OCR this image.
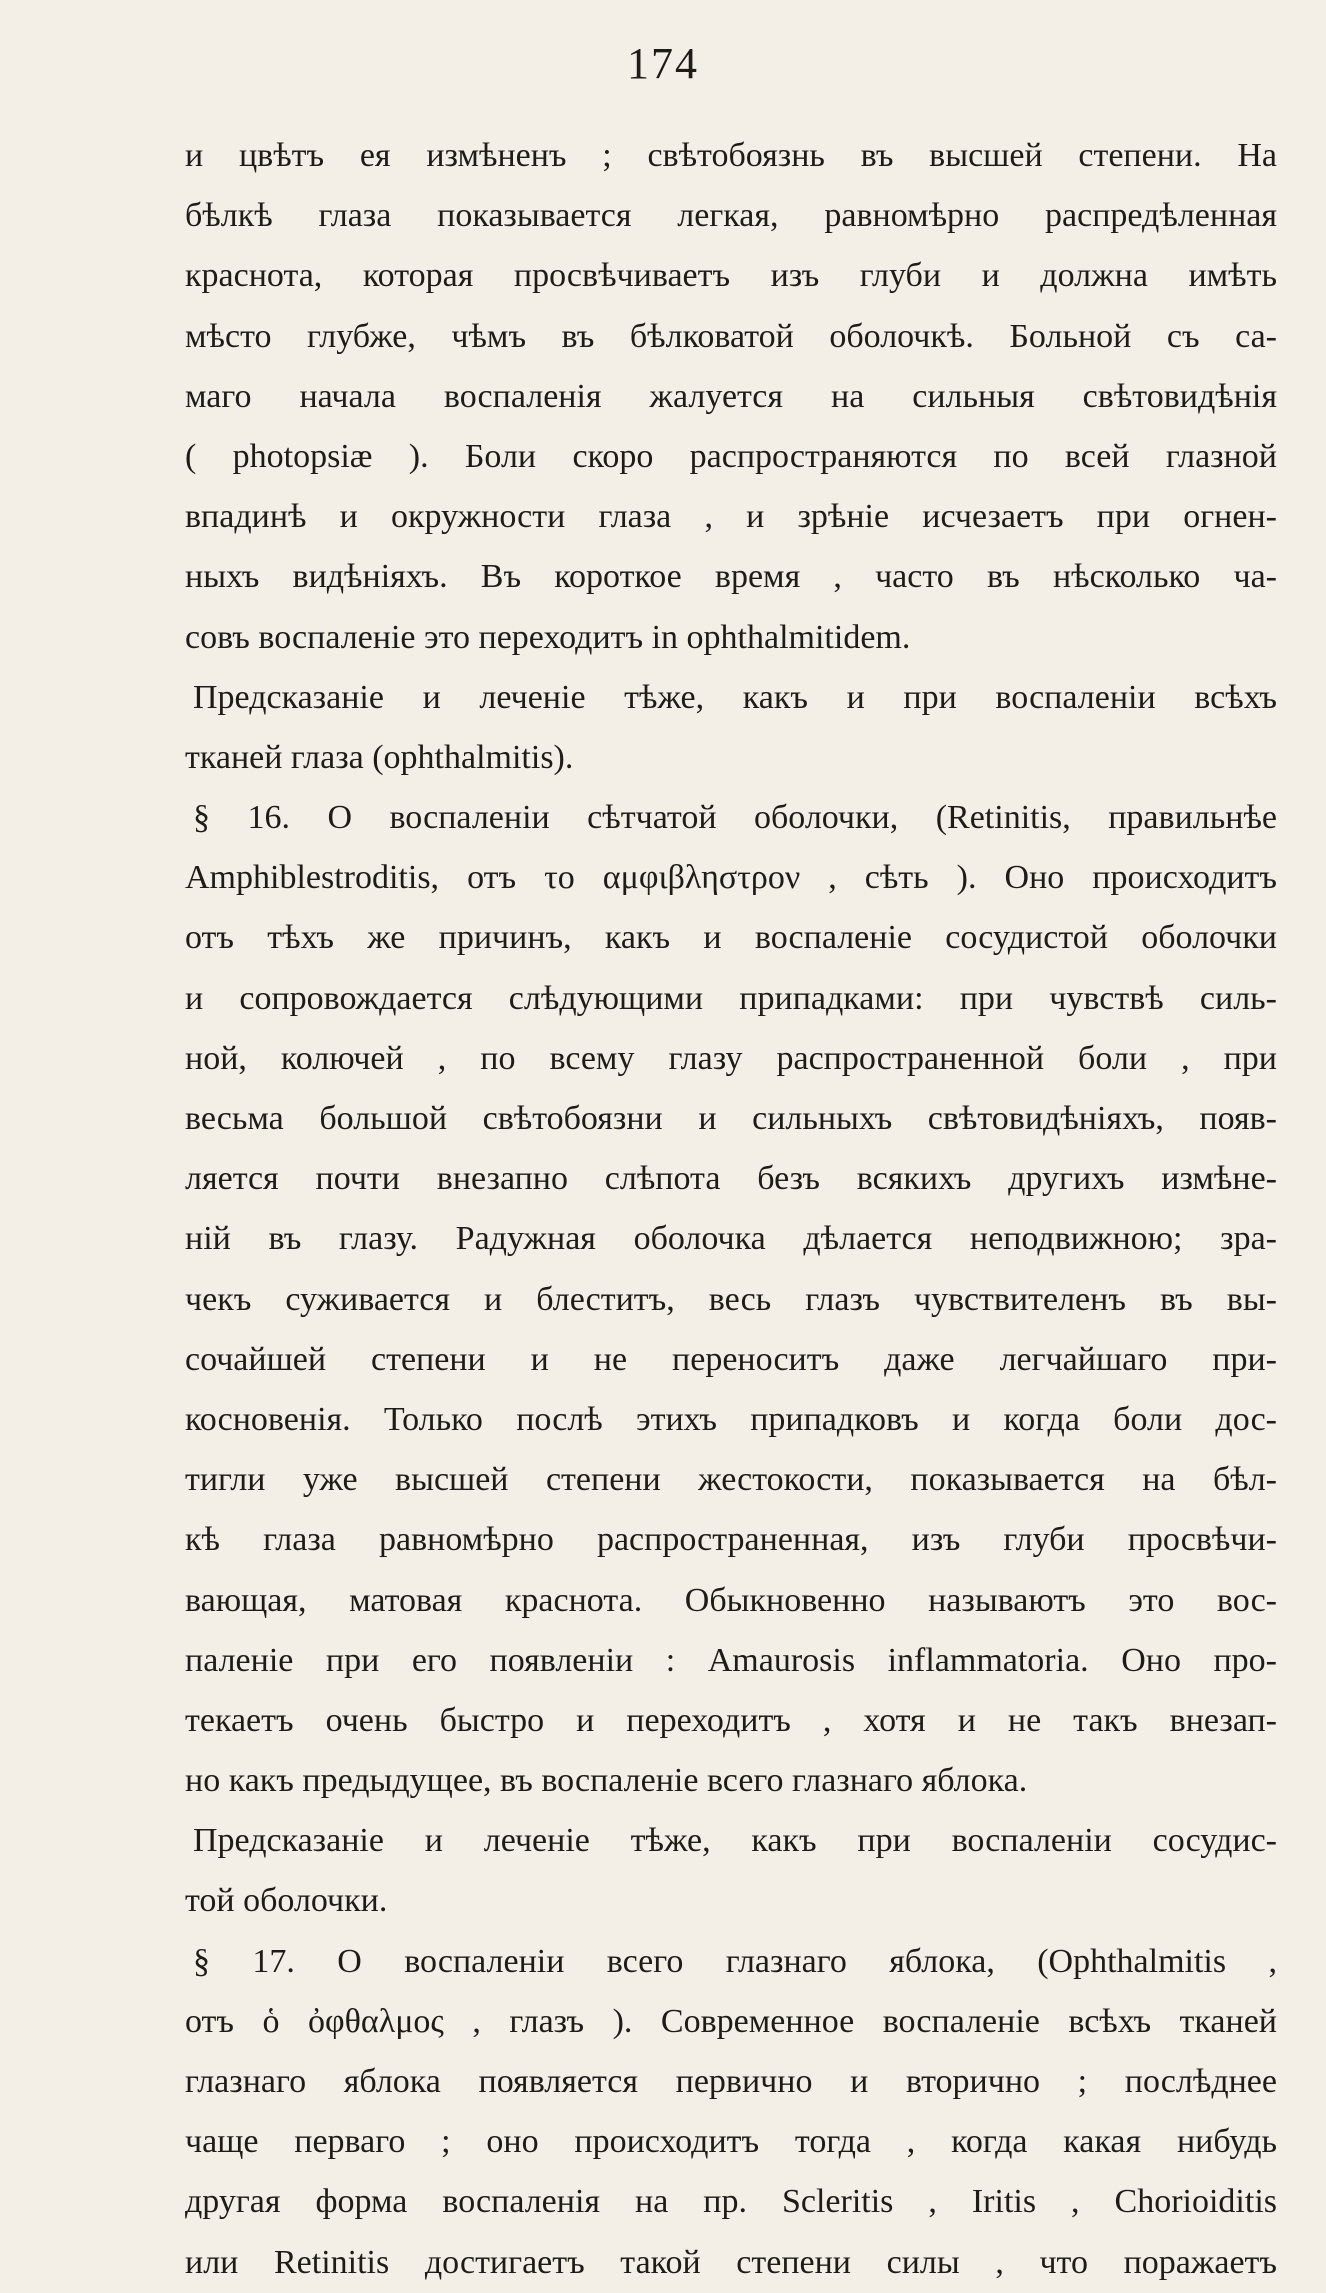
174
и цвѣтъ ея измѣненъ ; свѣтобоязнь въ высшей степени. На
бѣлкѣ глаза показывается легкая, равномѣрно распредѣленная
краснота, которая просвѣчиваетъ изъ глуби и должна имѣть
мѣсто глубже, чѣмъ въ бѣлковатой оболочкѣ. Больной съ са-
маго начала воспаленія жалуется на сильныя свѣтовидѣнія
( photopsiæ ). Боли скоро распространяются по всей глазной
впадинѣ и окружности глаза , и зрѣніе исчезаетъ при огнен-
ныхъ видѣніяхъ. Въ короткое время , часто въ нѣсколько ча-
совъ воспаленіе это переходитъ in ophthalmitidem.
Предсказаніе и леченіе тѣже, какъ и при воспаленіи всѣхъ
тканей глаза (ophthalmitis).
§ 16. О воспаленіи сѣтчатой оболочки, (Retinitis, правильнѣе
Amphiblestroditis, отъ το αμφιβληστρον , сѣть ). Оно происходитъ
отъ тѣхъ же причинъ, какъ и воспаленіе сосудистой оболочки
и сопровождается слѣдующими припадками: при чувствѣ силь-
ной, колючей , по всему глазу распространенной боли , при
весьма большой свѣтобоязни и сильныхъ свѣтовидѣніяхъ, появ-
ляется почти внезапно слѣпота безъ всякихъ другихъ измѣне-
ній въ глазу. Радужная оболочка дѣлается неподвижною; зра-
чекъ суживается и блеститъ, весь глазъ чувствителенъ въ вы-
сочайшей степени и не переноситъ даже легчайшаго при-
косновенія. Только послѣ этихъ припадковъ и когда боли дос-
тигли уже высшей степени жестокости, показывается на бѣл-
кѣ глаза равномѣрно распространенная, изъ глуби просвѣчи-
вающая, матовая краснота. Обыкновенно называютъ это вос-
паленіе при его появленіи : Amaurosis inflammatoria. Оно про-
текаетъ очень быстро и переходитъ , хотя и не такъ внезап-
но какъ предыдущее, въ воспаленіе всего глазнаго яблока.
Предсказаніе и леченіе тѣже, какъ при воспаленіи сосудис-
той оболочки.
§ 17. О воспаленіи всего глазнаго яблока, (Ophthalmitis ,
отъ ὁ ὀφθαλμος , глазъ ). Современное воспаленіе всѣхъ тканей
глазнаго яблока появляется первично и вторично ; послѣднее
чаще перваго ; оно происходитъ тогда , когда какая нибудь
другая форма воспаленія на пр. Scleritis , Iritis , Chorioiditis
или Retinitis достигаетъ такой степени силы , что поражаетъ
